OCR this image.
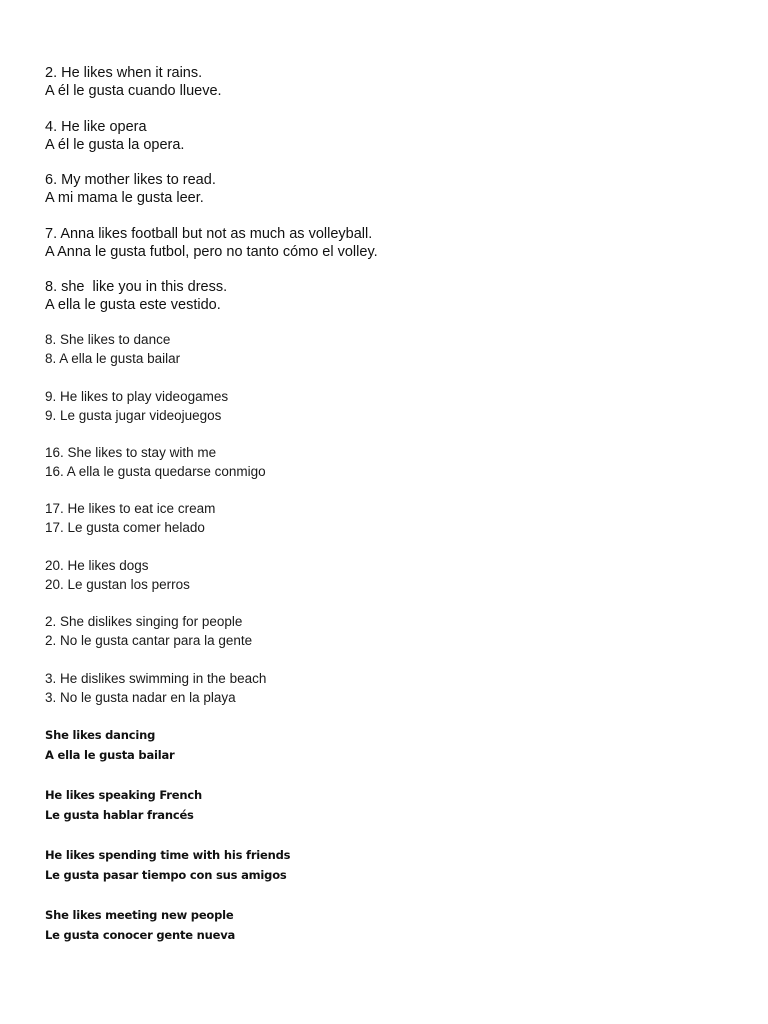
2. He likes when it rains.
A él le gusta cuando llueve.
4. He like opera
A él le gusta la opera.
6. My mother likes to read.
A mi mama le gusta leer.
7. Anna likes football but not as much as volleyball.
A Anna le gusta futbol, pero no tanto cómo el volley.
8. she  like you in this dress.
A ella le gusta este vestido.
8. She likes to dance
8. A ella le gusta bailar
9. He likes to play videogames
9. Le gusta jugar videojuegos
16. She likes to stay with me
16. A ella le gusta quedarse conmigo
17. He likes to eat ice cream
17. Le gusta comer helado
20. He likes dogs
20. Le gustan los perros
2. She dislikes singing for people
2. No le gusta cantar para la gente
3. He dislikes swimming in the beach
3. No le gusta nadar en la playa
She likes dancing
A ella le gusta bailar
He likes speaking French
Le gusta hablar francés
He likes spending time with his friends
Le gusta pasar tiempo con sus amigos
She likes meeting new people
Le gusta conocer gente nueva
